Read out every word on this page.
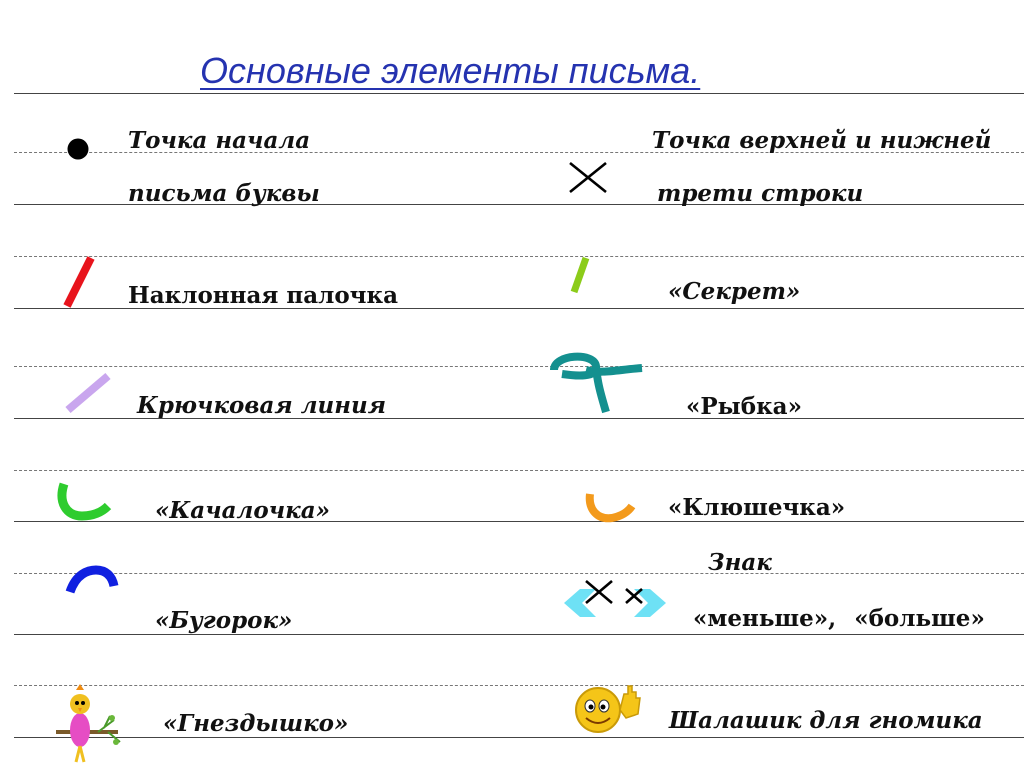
Основные элементы письма.
Точка начала
письма буквы
Наклонная палочка
Крючковая линия
«Качалочка»
«Бугорок»
«Гнездышко»
Точка верхней и нижней
трети строки
«Секрет»
«Рыбка»
«Клюшечка»
Знак
«меньше», «больше»
Шалашик для гномика
